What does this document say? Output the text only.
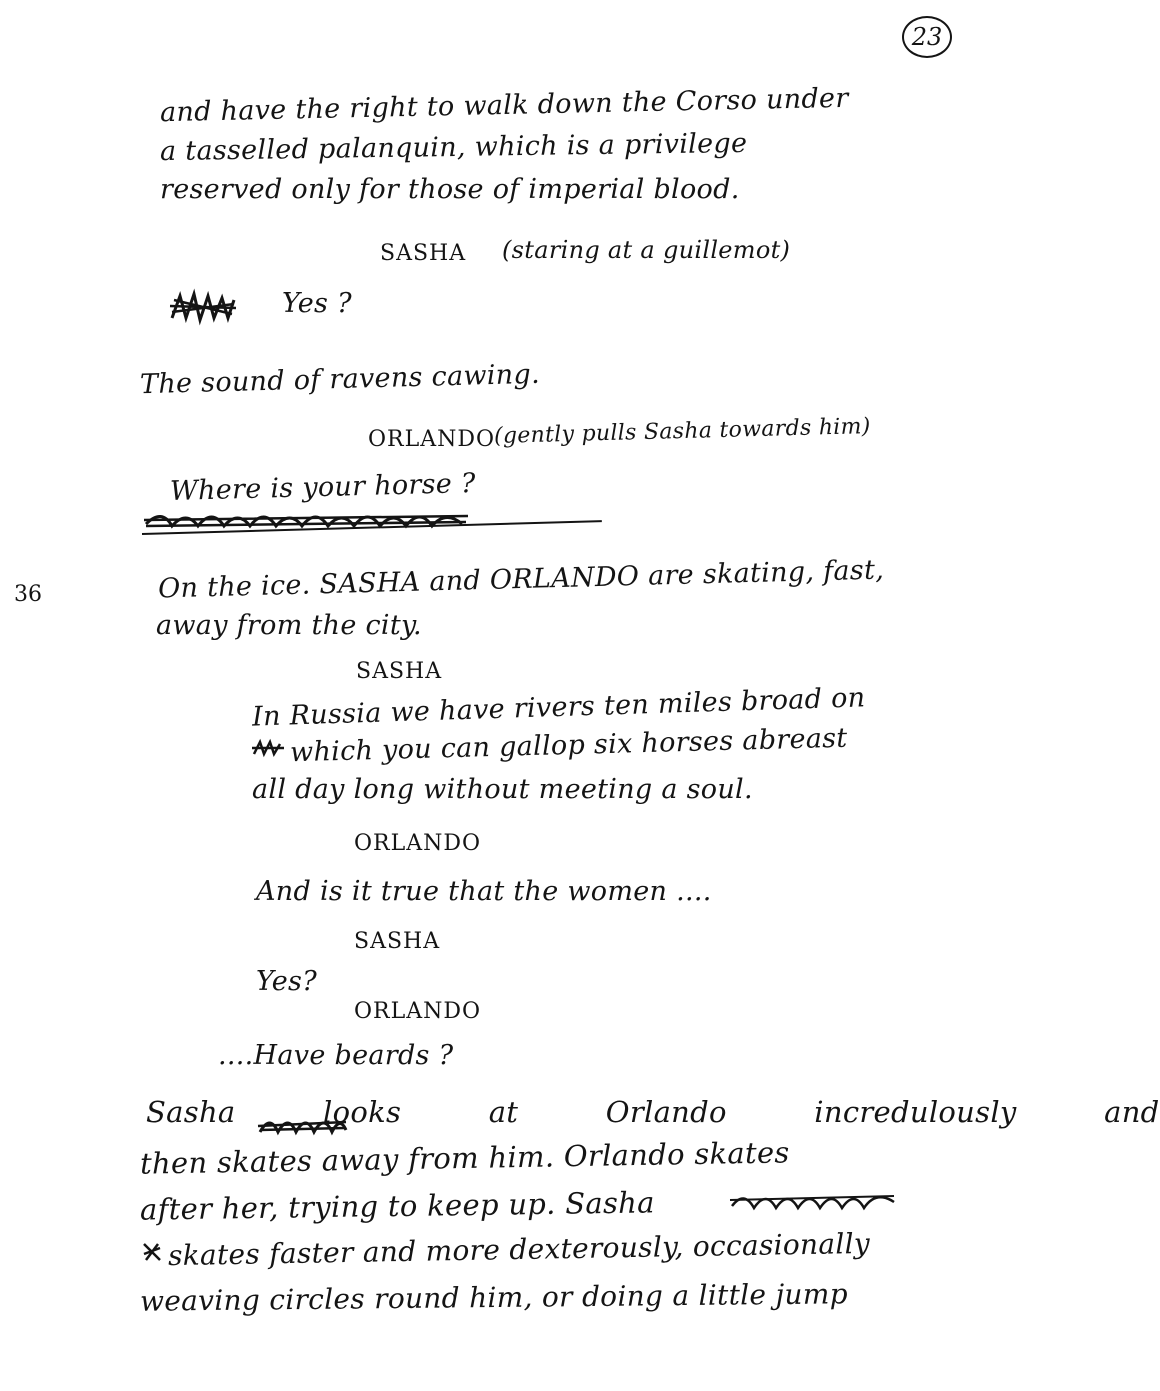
23
36
and have the right to walk down the Corso under
a tasselled palanquin, which is a privilege
reserved only for those of imperial blood.
SASHA (staring at a guillemot)
Yes ?
The sound of ravens cawing.
ORLANDO
(gently pulls Sasha towards him)
Where is your horse ?
On the ice. SASHA and ORLANDO are skating, fast,
away from the city.
SASHA
In Russia we have rivers ten miles broad on
which you can gallop six horses abreast
all day long without meeting a soul.
ORLANDO
And is it true that the women ....
SASHA
Yes?
ORLANDO
....Have beards ?
Sasha looks at Orlando incredulously and
then skates away from him. Orlando skates
after her, trying to keep up. Sasha
skates faster and more dexterously, occasionally
weaving circles round him, or doing a little jump
